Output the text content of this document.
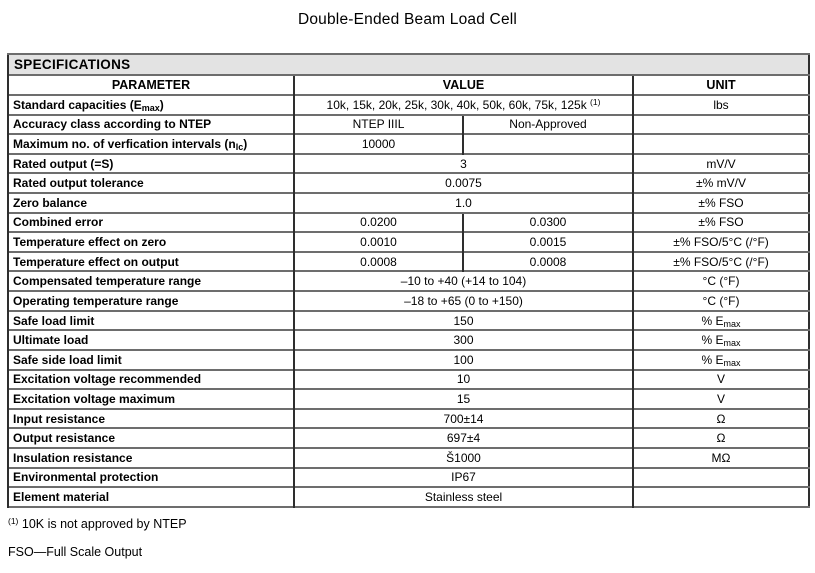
Double-Ended Beam Load Cell
SPECIFICATIONS			
PARAMETER	VALUE		UNIT
Standard capacities $(E_{max})$	10k, 15k, 20k, 25k, 30k, 40k, 50k, 60k, 75k, 125k $^{(1)}$		lbs
Accuracy class according to NTEP	NTEP IIIL	Non-Approved	
Maximum no. of verfication intervals $(n_{lc})$	10000		
Rated output (=S)	3		mV/V
Rated output tolerance	0.0075		±% mV/V
Zero balance	1.0		±% FSO
Combined error	0.0200	0.0300	±% FSO
Temperature effect on zero	0.0010	0.0015	±% FSO/5°C (/°F)
Temperature effect on output	0.0008	0.0008	±% FSO/5°C (/°F)
Compensated temperature range	–10 to +40 (+14 to 104)		°C (°F)
Operating temperature range	–18 to +65 (0 to +150)		°C (°F)
Safe load limit	150		% $E_{max}$
Ultimate load	300		% $E_{max}$
Safe side load limit	100		% $E_{max}$
Excitation voltage recommended	10		V
Excitation voltage maximum	15		V
Input resistance	700±14		Ω
Output resistance	697±4		Ω
Insulation resistance	Š1000		MΩ
Environmental protection	IP67		
Element material	Stainless steel		
$^{(1)}$ 10K is not approved by NTEP
FSO—Full Scale Output
